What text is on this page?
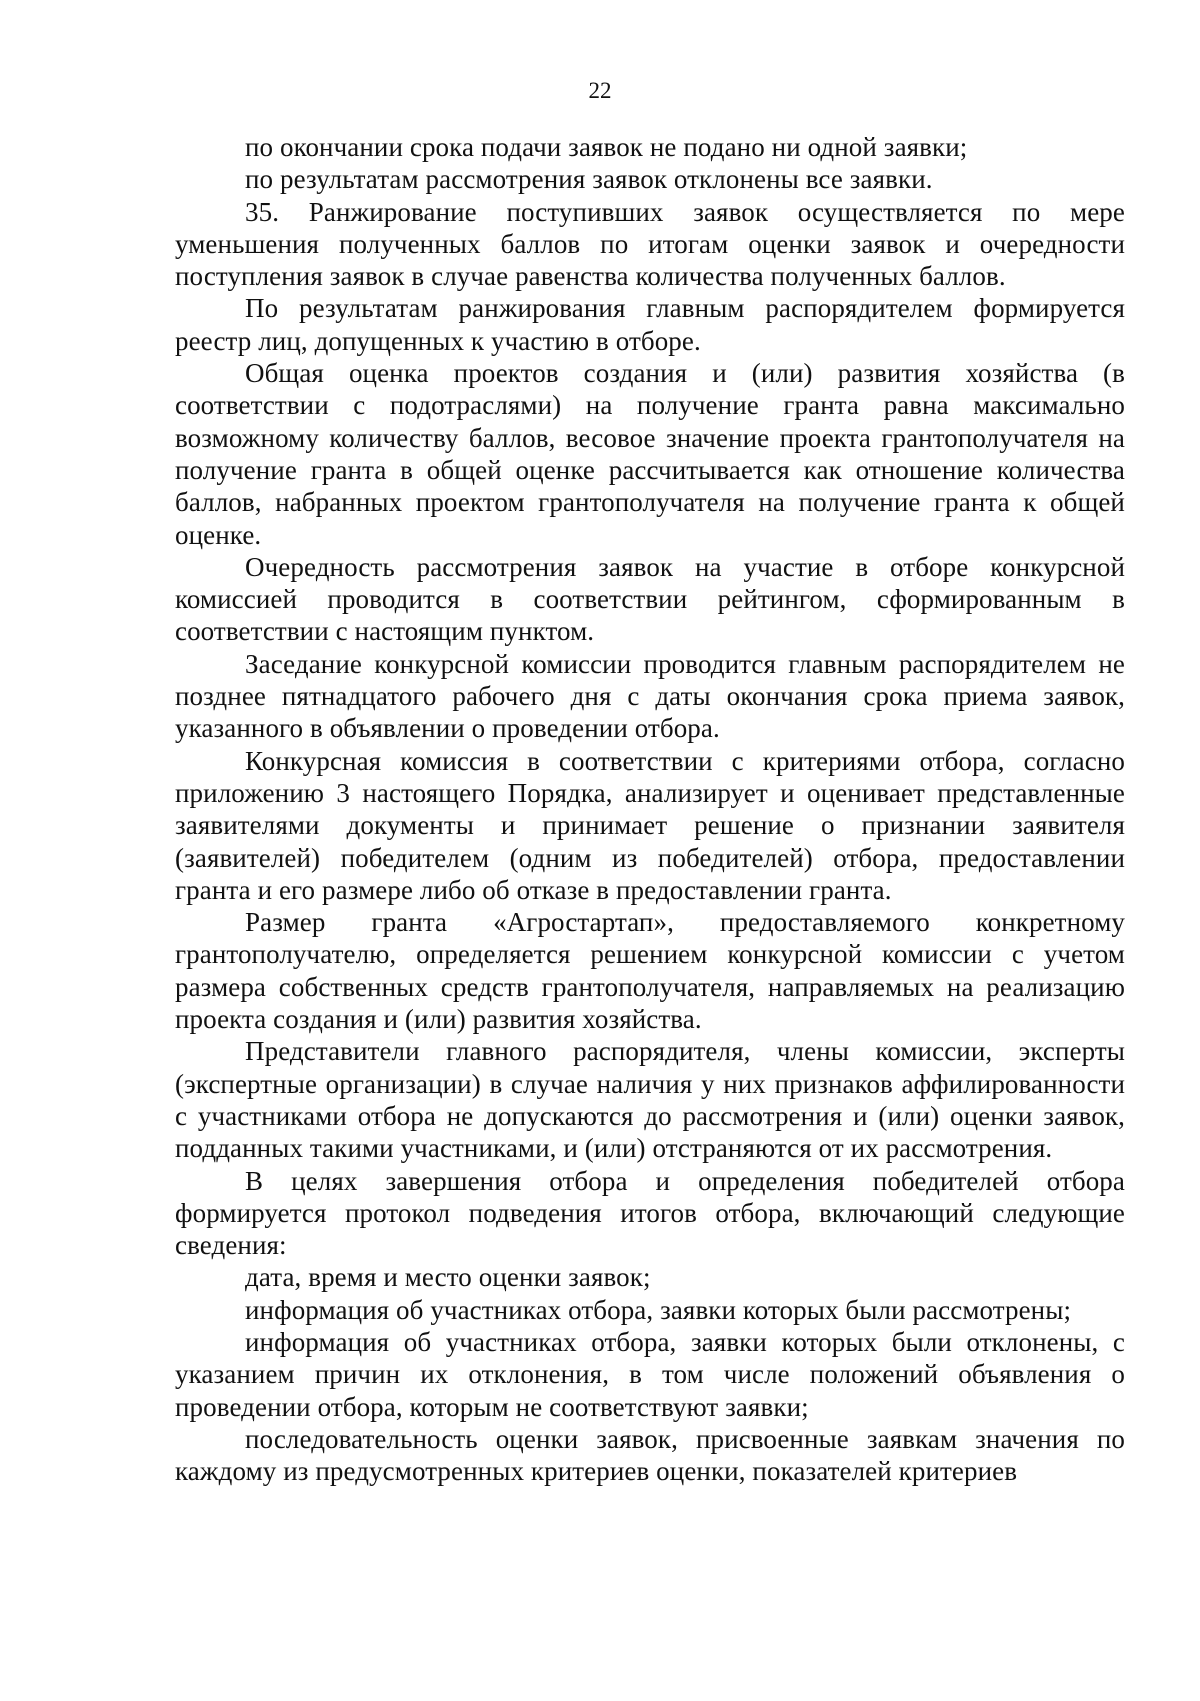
22

по окончании срока подачи заявок не подано ни одной заявки;

по результатам рассмотрения заявок отклонены все заявки.

35. Ранжирование поступивших заявок осуществляется по мере уменьшения полученных баллов по итогам оценки заявок и очередности поступления заявок в случае равенства количества полученных баллов.

По результатам ранжирования главным распорядителем формируется реестр лиц, допущенных к участию в отборе.

Общая оценка проектов создания и (или) развития хозяйства (в соответствии с подотраслями) на получение гранта равна максимально возможному количеству баллов, весовое значение проекта грантополучателя на получение гранта в общей оценке рассчитывается как отношение количества баллов, набранных проектом грантополучателя на получение гранта к общей оценке.

Очередность рассмотрения заявок на участие в отборе конкурсной комиссией проводится в соответствии рейтингом, сформированным в соответствии с настоящим пунктом.

Заседание конкурсной комиссии проводится главным распорядителем не позднее пятнадцатого рабочего дня с даты окончания срока приема заявок, указанного в объявлении о проведении отбора.

Конкурсная комиссия в соответствии с критериями отбора, согласно приложению 3 настоящего Порядка, анализирует и оценивает представленные заявителями документы и принимает решение о признании заявителя (заявителей) победителем (одним из победителей) отбора, предоставлении гранта и его размере либо об отказе в предоставлении гранта.

Размер гранта «Агростартап», предоставляемого конкретному грантополучателю, определяется решением конкурсной комиссии с учетом размера собственных средств грантополучателя, направляемых на реализацию проекта создания и (или) развития хозяйства.

Представители главного распорядителя, члены комиссии, эксперты (экспертные организации) в случае наличия у них признаков аффилированности с участниками отбора не допускаются до рассмотрения и (или) оценки заявок, подданных такими участниками, и (или) отстраняются от их рассмотрения.

В целях завершения отбора и определения победителей отбора формируется протокол подведения итогов отбора, включающий следующие сведения:

дата, время и место оценки заявок;

информация об участниках отбора, заявки которых были рассмотрены;

информация об участниках отбора, заявки которых были отклонены, с указанием причин их отклонения, в том числе положений объявления о проведении отбора, которым не соответствуют заявки;

последовательность оценки заявок, присвоенные заявкам значения по каждому из предусмотренных критериев оценки, показателей критериев
